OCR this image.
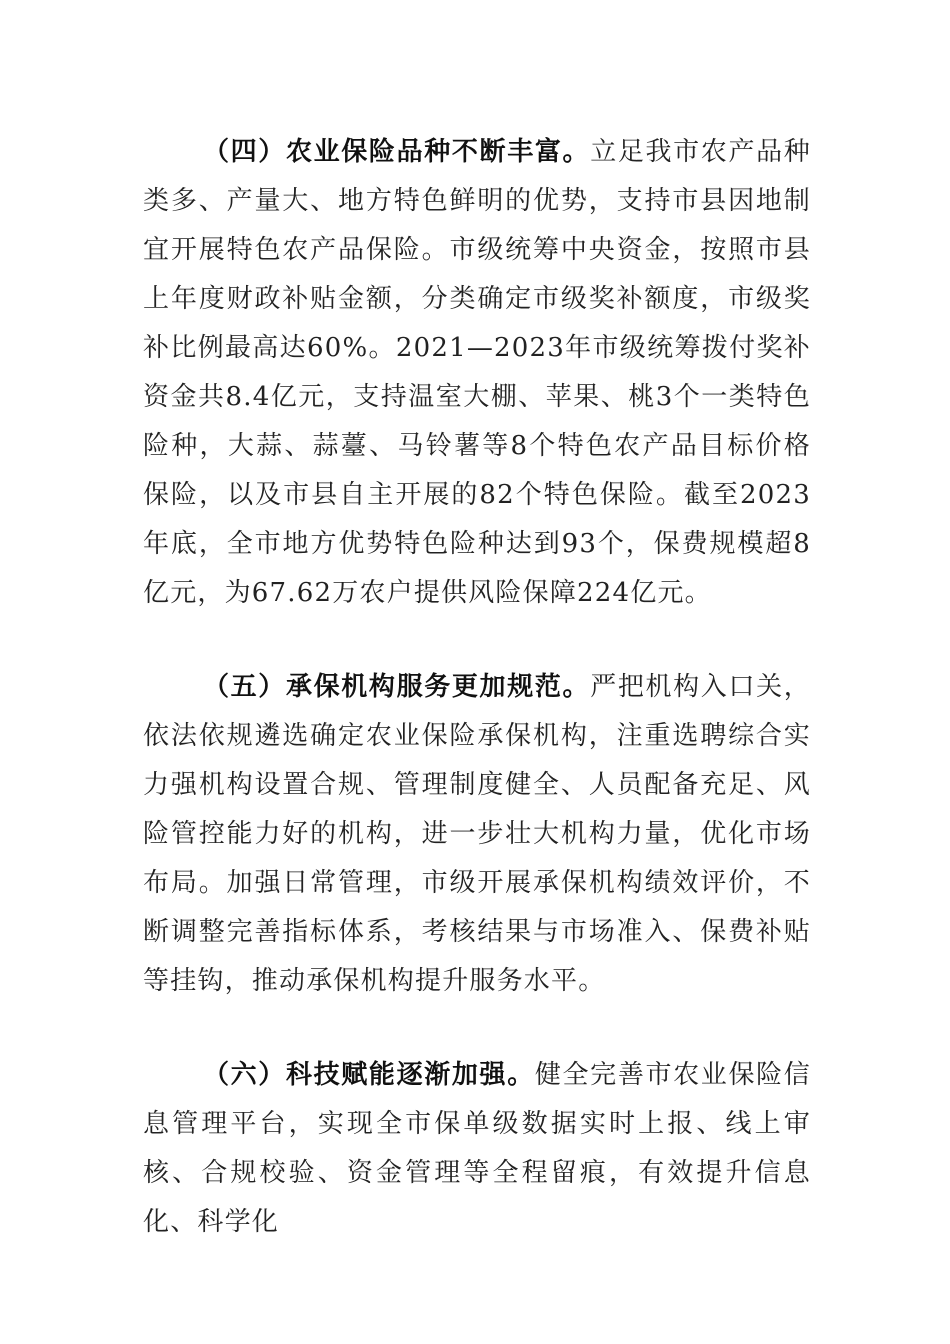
（四）农业保险品种不断丰富。立足我市农产品种类多、产量大、地方特色鲜明的优势，支持市县因地制宜开展特色农产品保险。市级统筹中央资金，按照市县上年度财政补贴金额，分类确定市级奖补额度，市级奖补比例最高达60%。2021—2023年市级统筹拨付奖补资金共8.4亿元，支持温室大棚、苹果、桃3个一类特色险种，大蒜、蒜薹、马铃薯等8个特色农产品目标价格保险，以及市县自主开展的82个特色保险。截至2023年底，全市地方优势特色险种达到93个，保费规模超8亿元，为67.62万农户提供风险保障224亿元。

（五）承保机构服务更加规范。严把机构入口关，依法依规遴选确定农业保险承保机构，注重选聘综合实力强机构设置合规、管理制度健全、人员配备充足、风险管控能力好的机构，进一步壮大机构力量，优化市场布局。加强日常管理，市级开展承保机构绩效评价，不断调整完善指标体系，考核结果与市场准入、保费补贴等挂钩，推动承保机构提升服务水平。

（六）科技赋能逐渐加强。健全完善市农业保险信息管理平台，实现全市保单级数据实时上报、线上审核、合规校验、资金管理等全程留痕，有效提升信息化、科学化
